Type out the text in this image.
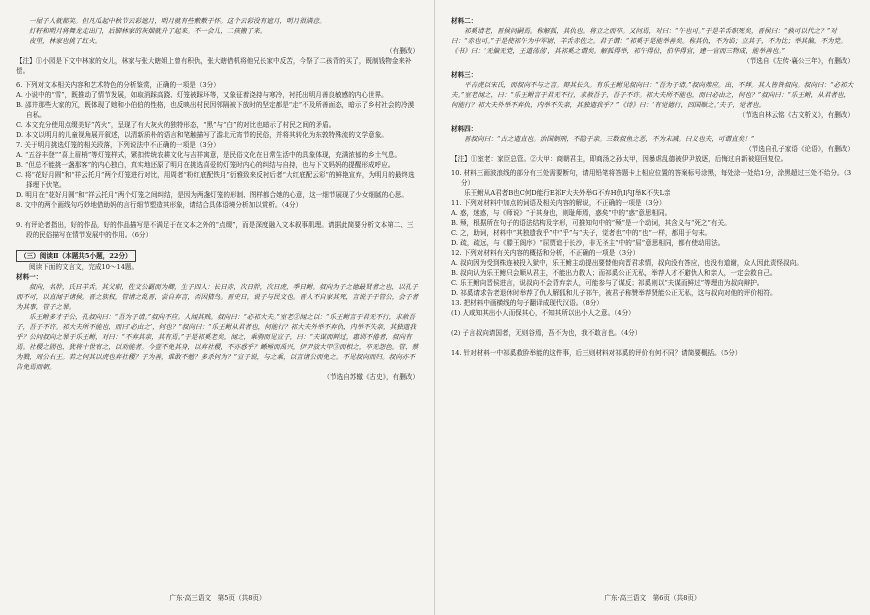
一屋子人就都笑。但凡瓜起中秋节云彩遮月，明月就有些敷敷于怀。这个云彩没有遮月，明月很满意。

灯籽和明月将舞龙走出门，后脚林家的灰烟就升了起来。不一会儿，二孩搬了来。

夜里，林家也挑了红火。

（有删改）

【注】①小园是下文中林家的女儿，林家与张大瞎姐上曾有积仇，张大瞎借机将他兄长家中反苦，今祭了二孩背的买了，既制钱物金来补偿。

6. 下列对文本相关内容和艺术特色的分析鉴赏，正确的一项是（3分）
A. 小说中的“雪”，既推动了情节发展，如取消踩高跷、灯笼被踩坏等，又象征着浇持与寒冷，衬托出明月善良敏感的内心世界。
B. 邵井那些大家的冗，既体现了她和小伯伯的性格，也反映出村民因邻隔被下放时的坚定都是“走”不及所善面态，暗示了乡村社会的冷漠自私。
C. 本文充分使用点缀美好“芮火”，呈现了有大灰火的独特形态，“黑”与“白”的对比也暗示了村民之间的矛盾。
D. 本文以明月的儿童视角展开叙述，以清新质朴的语言和笔触描写了澹北元宵节的民俗，并将其转化为东敦特殊流的文学意象。
7. 关于明月挑选灯笼的相关段落，下列说法中不正确的一项是（3分）
A. “五谷丰登”“喜上眉梢”等灯笼样式，紧扣传统农耕文化与吉祥寓意，是民俗文化在日常生活中的具象体现，充满浓郁的乡土气息。
B. “但总不能挑一盏那客”的内心独白，真实地还原了明月在挑选喜爱的灯笼时内心的纠结与自持，也与下文妈妈的提醒形成呼应。
C. 将“花好月圆”和“祥云托月”两个灯笼进行对比，用周者“粉红底配铁月”衍雅致来反衬后者“大红底配云彩”的鲜艳宣弃，为明月的最终选择埋下伏笔。
D. 明月在“花好月圆”和“祥云托月”两个灯笼之间纠结，是因为两盏灯笼的形制、图样都合她的心意，这一细节展现了少女细腻的心思。
8. 文中的两个画线句巧妙地借助妈的言行细节塑造其形象，请结合具体语境分析加以赏析。（4分）
9. 有评论者指出，好的作品，好的作品描写是不满足于在文本之外的“点缀”，而是深度融入文本叙事肌理。请据此简要分析文本第二、三段的民俗描写在情节发展中的作用。（6分）

（三）阅读Ⅱ（本题共5小题，22分）

阅读下面的文言文，完成10～14题。

材料一：

叔向，名肸，氏日羊舌。其父职，佐文公霸而为卿，生子四人：长日赤，次日肸，次日虎，季日鲋。叔向为子之德最贤者之也，以孔子而不可，以直闻于诸侯。晋之族权，管诸之乱晋，尝自弃言，否因猜鸟。晋史日，说子与民文也。晋人不自家其死，言说子于管公，会子者为其事，管子之罪。

乐王鲋多才于公，孔叔向曰：“吾为子请。”叔向不应。人闻其贱。叔向曰：“必祁大夫。”室老②闻之以：“乐王鲋言于君无不行，求赦吾子，吾子不许。祁大夫所不能也，而曰‘必由之’，何也？”叔向曰：“乐王鲋从君者也，何能行？祁大夫外举不弃仇，内举不失亲，其独遗我乎？公问叔向之罪于乐王鲋，对曰：“不弃其亲，其有焉。”于是祁奚老矣，闻之，乘驹而见宣子，曰：“夫谋而鲜过，惠训不倦者，叔向有焉。社稷之固也，犹将十世宥之，以劝能者。今壹不免其身，以弃社稷，不亦惑乎？鲧殛而禹兴，伊尹放大甲③而相之，卒无怨色。管、蔡为戮，周公右王。若之何其以虎也弃社稷？子为善，谁敢不勉？多杀何为？”宣子说，与之乘，以言诸公而免之。不见叔向而归。叔向亦不告免焉而朝。

（节选自苏辙《古史》，有删改）

广东·高三语文　第5页（共8页）

材料二：

祁奚请老，晋侯问嗣焉。称解狐，其仇也。将立之而卒。又问焉，对曰：“午也可。”于是羊舌职死矣，晋侯曰：“孰可以代之？”对曰：“赤也可。”于是使祁午为中军尉，羊舌赤佐之。君子谓：“祁奚于是能举善矣。称其仇，不为谄；立其子，不为比；举其偏，不为党。《书》曰：‘无偏无党，王道荡荡’，其祁奚之谓矣。解狐得举，祁午得位，伯华得官，建一官而三物成，能举善也。”

（节选自《左传·襄公三年》，有删改）

材料三：

平吉虎以宋氏，而叔向不与之言。辩其长久。有乐王鲋见叔向曰：“吾为子请。”叔向弗应。出，不拜。其人皆咎叔向。叔向曰：“必祁大夫。”室老闻之，曰：“乐王鲋言于君无不行，求赦吾子，吾子不许。祁大夫所不能也，而曰必由之，何也？”叔向曰：“乐王鲋，从君者也，何能行？祁大夫外举不弃仇，内举不失亲，其独遗我乎？”《诗》曰：‘有觉德行，四国顺之。’夫子，觉者也。

（节选自林云铭《古文析义》，有删改）

材料四：

晋叔向曰：“古之遗直也。治国制刑，不隐于亲。三数叔鱼之恶，不为末减。曰义也夫，可谓直矣！”

（节选自孔子家语《论语》，有删改）

【注】①室老：家臣总管。②大甲：商朝君主，即商汤之孙太甲，因暴虐乱德被伊尹放逐，后悔过自新被迎回复位。

10. 材料三画波浪线的部分有三处需要断句，请用铅笔将答题卡上相应位置的答案标号涂黑，每处涂一处给1分，涂黑超过三处不给分。（3分）

乐王鲋从A君者B也C何D能行E祁F大夫外举G不弃H仇I内J举K不失L亲

11. 下列对材料中加点的词语及相关内容的解说，不正确的一项是（3分）
A. 惑，迷惑，与《师说》“于其身也，则耻师焉，惑矣”中的“惑”意思相同。
B. 殛，根据所在句子的语法结构及字形，可推知句中的“殛”是一个动词，其含义与“死之”有关。
C. 之，助词，材料中“其独遗我乎”中“乎”与“夫子，觉者也”中的“也”一样，都用于句末。
D. 疏，疏远，与《滕王阁序》“屈贾谊于长沙，非无圣主”中的“屈”意思相同，都有使动用法。
12. 下列对材料有关内容的概括和分析，不正确的一项是（3分）
A. 叔向因为受到株连被投入狱中，乐王鲋主动提出要替他向晋君求情，叔向没有答应，也没有道谢，众人因此责怪叔向。
B. 叔向认为乐王鲋只会顺从君主，不能出力救人；而祁奚公正无私，举荐人才不避仇人和亲人，一定会救自己。
C. 乐王鲋向晋侯进言，说叔向不会背弃亲人，可能参与了谋反；祁奚则以“夫谋而鲜过”等理由为叔向辩护。
D. 祁奚请求告老退休时举荐了仇人解狐和儿子祁午，被君子称赞举荐贤能公正无私，这与叔向对他的评价相符。
13. 把材料中画横线的句子翻译成现代汉语。（8分）
(1) 人咸知其出小人而保其心，不知其所以出小人之意。（4分）
(2) 子言叔向请国者，无则谷焉，吾不为也，我不敢言也。（4分）
14. 针对材料一中祁奚救肸举能的这件事，后三则材料对祁奚的评价有何不同？请简要概括。（5分）
广东·高三语文　第6页（共8页）
